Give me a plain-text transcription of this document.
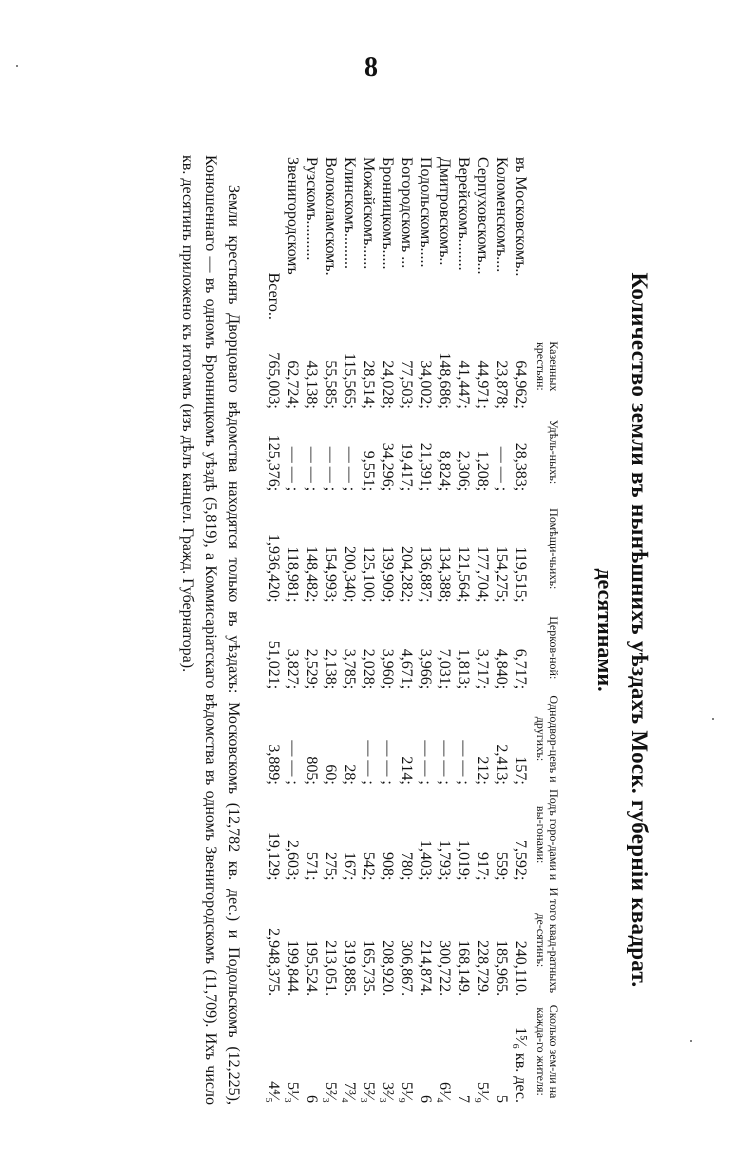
8
Количество земли въ нынѣшнихъ уѣздахъ Моск. губерніи квадрат.
десятинами.
	Казенных крестьян:	Удѣль-ныхъ:	Помѣщи-чьихъ:	Церков-ной:	Однодвор-цевъ и другихъ:	Подъ горо-дами и вы-гонами:	И того квад-ратныхъ де-сятинъ:	Сколько зем-ли на кажда-го жителя:
въ Московскомъ..	64,962;	28,383;	119,515;	6,717;	157;	7,592;	240,110.	1⁵⁄₆ кв. дес.
Коломенскомъ....	23,878;	— — ;	154,275;	4,840;	2,413;	559;	185,965.	5
Серпуховскомъ...	44,971;	1,208;	177,704;	3,717;	212;	917;	228,729.	5¹⁄₉
Верейскомъ........	41,447;	2,306;	121,564;	1,813;	— — ;	1,019;	168,149.	7
Дмитровскомъ..	148,686;	8,824;	134,388;	7,031;	— — ;	1,793;	300,722.	6¹⁄₄
Подольскомъ.....	34,002;	21,391;	136,887;	3,966;	— — ;	1,403;	214,874.	6
Богородскомъ ...	77,503;	19,417;	204,282;	4,671;	214;	780;	306,867.	5¹⁄₉
Бронницкомъ.....	24,028;	34,296;	139,909;	3,960;	— — ;	908;	208,920.	3²⁄₃
Можайскомъ......	28,514;	9,551;	125,100;	2,028;	— — ;	542;	165,735.	5²⁄₃
Клинскомъ.........	115,565;	— — ;	200,340;	3,785;	28;	167;	319,885.	7³⁄₄
Волоколамскомъ.	55,585;	— — ;	154,993;	2,138;	60;	275;	213,051.	5²⁄₃
Рузскомъ..........	43,138;	— — ;	148,482;	2,529;	805;	571;	195,524.	6
Звенигородскомъ	62,724;	— — ;	118,981;	3,827;	— — ;	2,603;	199,844.	5¹⁄₃
Всего..	765,003;	125,376;	1,936,420;	51,021;	3,889;	19,129;	2,948,375.	4⁴⁄₅
Земли крестьянъ Дворцоваго вѣдомства находятся только въ уѣздахъ: Московскомъ (12,782 кв. дес.) и Подольскомъ (12,225), Конюшеннаго — въ одномъ Бронницкомъ уѣздѣ (5,819), а Коммисаріатскаго вѣдомства въ одномъ Звенигородскомъ (11,709). Ихъ число кв. десятинъ приложено къ итогамъ (изъ дѣлъ канцел. Гражд. Губернатора).
